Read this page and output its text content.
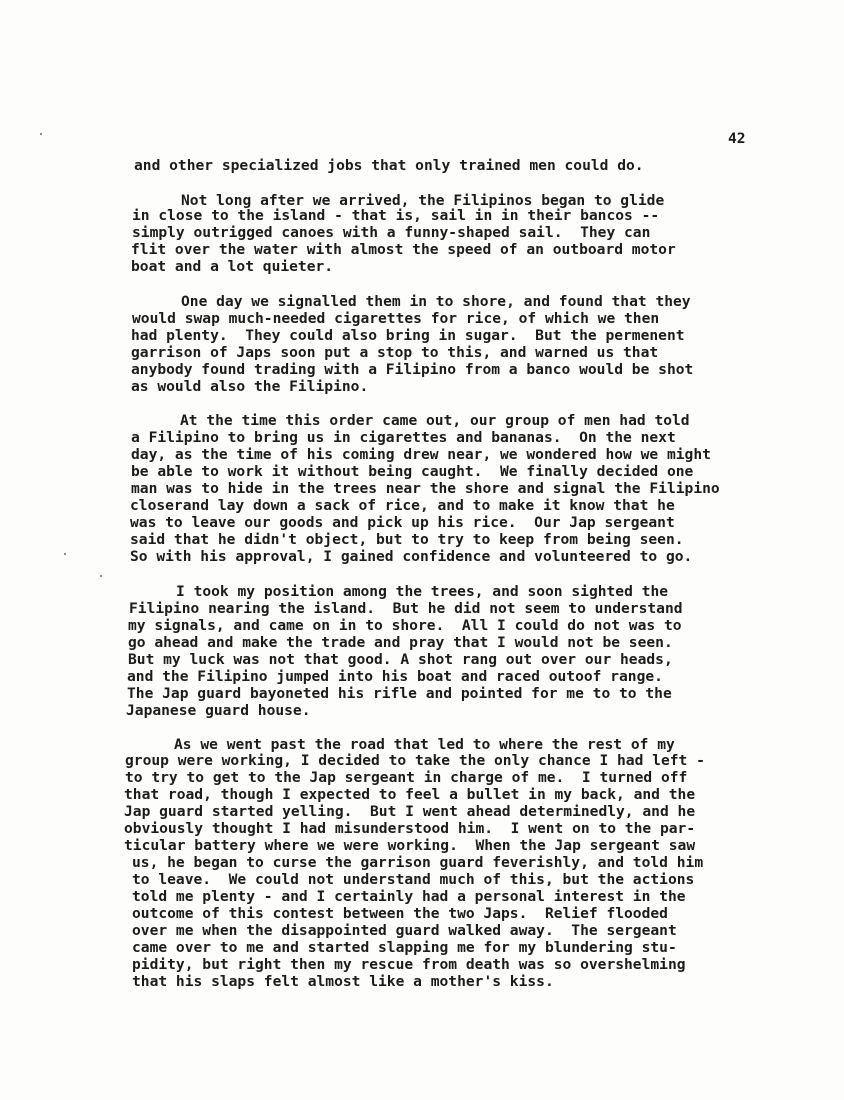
42
and other specialized jobs that only trained men could do.
Not long after we arrived, the Filipinos began to glide
in close to the island - that is, sail in in their bancos --
simply outrigged canoes with a funny-shaped sail.  They can
flit over the water with almost the speed of an outboard motor
boat and a lot quieter.
One day we signalled them in to shore, and found that they
would swap much-needed cigarettes for rice, of which we then
had plenty.  They could also bring in sugar.  But the permenent
garrison of Japs soon put a stop to this, and warned us that
anybody found trading with a Filipino from a banco would be shot
as would also the Filipino.
At the time this order came out, our group of men had told
a Filipino to bring us in cigarettes and bananas.  On the next
day, as the time of his coming drew near, we wondered how we might
be able to work it without being caught.  We finally decided one
man was to hide in the trees near the shore and signal the Filipino
closerand lay down a sack of rice, and to make it know that he
was to leave our goods and pick up his rice.  Our Jap sergeant
said that he didn't object, but to try to keep from being seen.
So with his approval, I gained confidence and volunteered to go.
I took my position among the trees, and soon sighted the
Filipino nearing the island.  But he did not seem to understand
my signals, and came on in to shore.  All I could do not was to
go ahead and make the trade and pray that I would not be seen.
But my luck was not that good. A shot rang out over our heads,
and the Filipino jumped into his boat and raced outoof range.
The Jap guard bayoneted his rifle and pointed for me to to the
Japanese guard house.
As we went past the road that led to where the rest of my
group were working, I decided to take the only chance I had left -
to try to get to the Jap sergeant in charge of me.  I turned off
that road, though I expected to feel a bullet in my back, and the
Jap guard started yelling.  But I went ahead determinedly, and he
obviously thought I had misunderstood him.  I went on to the par-
ticular battery where we were working.  When the Jap sergeant saw
us, he began to curse the garrison guard feverishly, and told him
to leave.  We could not understand much of this, but the actions
told me plenty - and I certainly had a personal interest in the
outcome of this contest between the two Japs.  Relief flooded
over me when the disappointed guard walked away.  The sergeant
came over to me and started slapping me for my blundering stu-
pidity, but right then my rescue from death was so overshelming
that his slaps felt almost like a mother's kiss.
